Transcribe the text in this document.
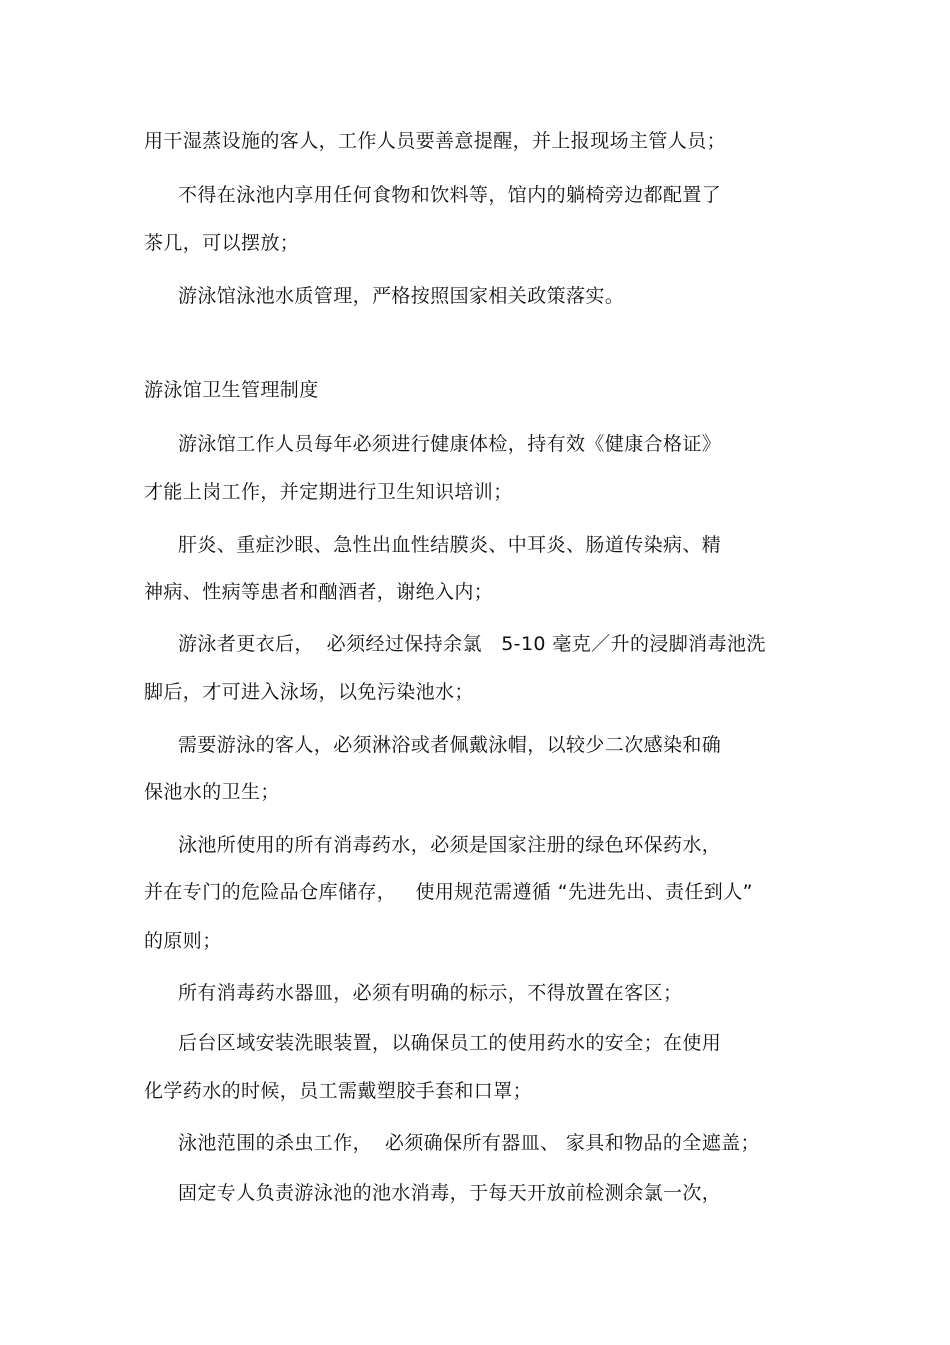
用干湿蒸设施的客人，工作人员要善意提醒，并上报现场主管人员；
不得在泳池内享用任何食物和饮料等，馆内的躺椅旁边都配置了
茶几，可以摆放；
游泳馆泳池水质管理，严格按照国家相关政策落实。
游泳馆卫生管理制度
游泳馆工作人员每年必须进行健康体检，持有效《健康合格证》
才能上岗工作，并定期进行卫生知识培训；
肝炎、重症沙眼、急性出血性结膜炎、中耳炎、肠道传染病、精
神病、性病等患者和酗酒者，谢绝入内；
游泳者更衣后，  必须经过保持余氯   5-10 毫克／升的浸脚消毒池洗
脚后，才可进入泳场，以免污染池水；
需要游泳的客人，必须淋浴或者佩戴泳帽，以较少二次感染和确
保池水的卫生；
泳池所使用的所有消毒药水，必须是国家注册的绿色环保药水，
并在专门的危险品仓库储存，   使用规范需遵循 “先进先出、责任到人”
的原则；
所有消毒药水器皿，必须有明确的标示，不得放置在客区；
后台区域安装洗眼装置，以确保员工的使用药水的安全；在使用
化学药水的时候，员工需戴塑胶手套和口罩；
泳池范围的杀虫工作，  必须确保所有器皿、 家具和物品的全遮盖；
固定专人负责游泳池的池水消毒，于每天开放前检测余氯一次，
